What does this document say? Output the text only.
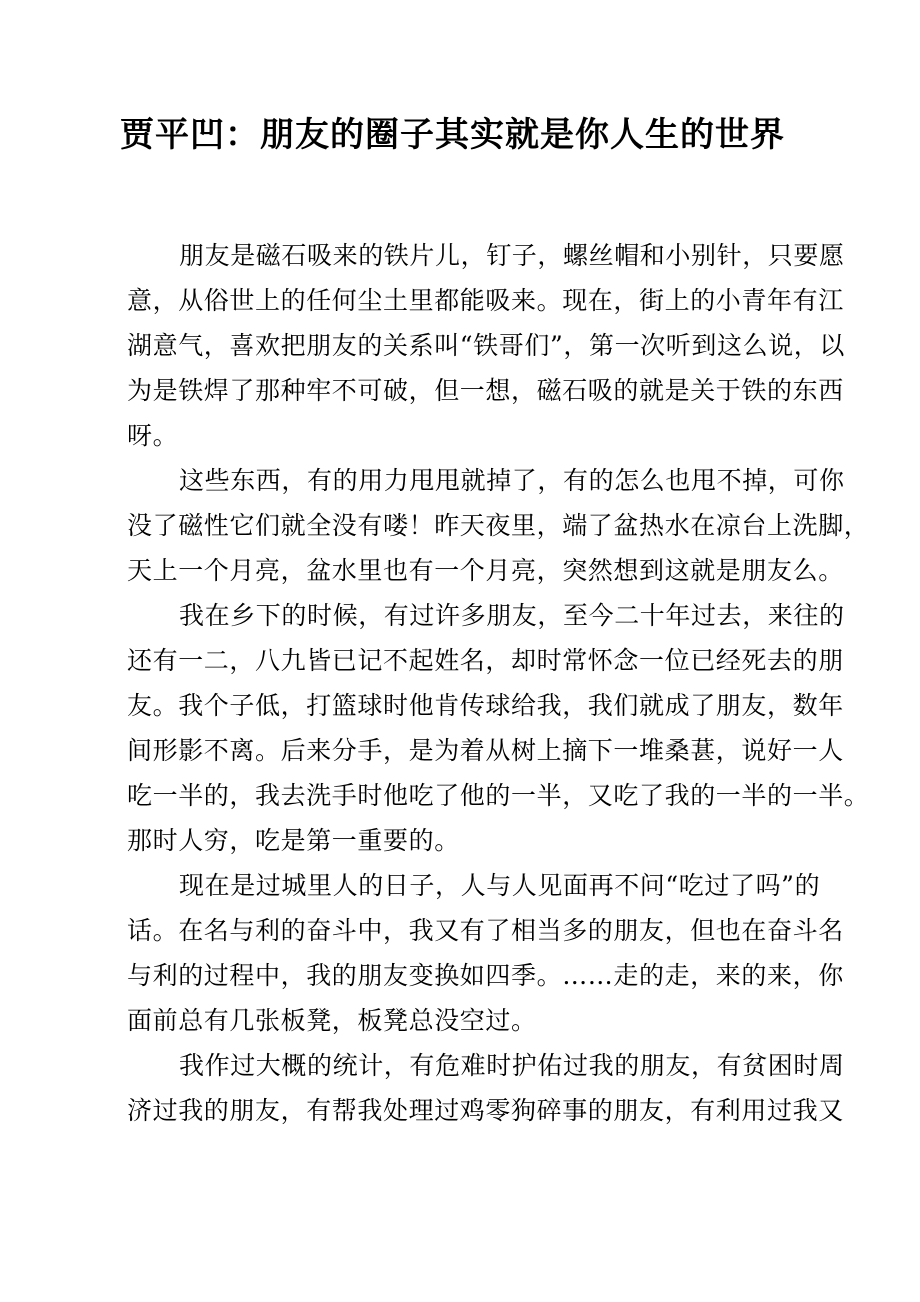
贾平凹：朋友的圈子其实就是你人生的世界
朋友是磁石吸来的铁片儿，钉子，螺丝帽和小别针，只要愿
意，从俗世上的任何尘土里都能吸来。现在，街上的小青年有江
湖意气，喜欢把朋友的关系叫“铁哥们”，第一次听到这么说，以
为是铁焊了那种牢不可破，但一想，磁石吸的就是关于铁的东西
呀。
这些东西，有的用力甩甩就掉了，有的怎么也甩不掉，可你
没了磁性它们就全没有喽！昨天夜里，端了盆热水在凉台上洗脚，
天上一个月亮，盆水里也有一个月亮，突然想到这就是朋友么。
我在乡下的时候，有过许多朋友，至今二十年过去，来往的
还有一二，八九皆已记不起姓名，却时常怀念一位已经死去的朋
友。我个子低，打篮球时他肯传球给我，我们就成了朋友，数年
间形影不离。后来分手，是为着从树上摘下一堆桑葚，说好一人
吃一半的，我去洗手时他吃了他的一半，又吃了我的一半的一半。
那时人穷，吃是第一重要的。
现在是过城里人的日子，人与人见面再不问“吃过了吗”的
话。在名与利的奋斗中，我又有了相当多的朋友，但也在奋斗名
与利的过程中，我的朋友变换如四季。……走的走，来的来，你
面前总有几张板凳，板凳总没空过。
我作过大概的统计，有危难时护佑过我的朋友，有贫困时周
济过我的朋友，有帮我处理过鸡零狗碎事的朋友，有利用过我又
